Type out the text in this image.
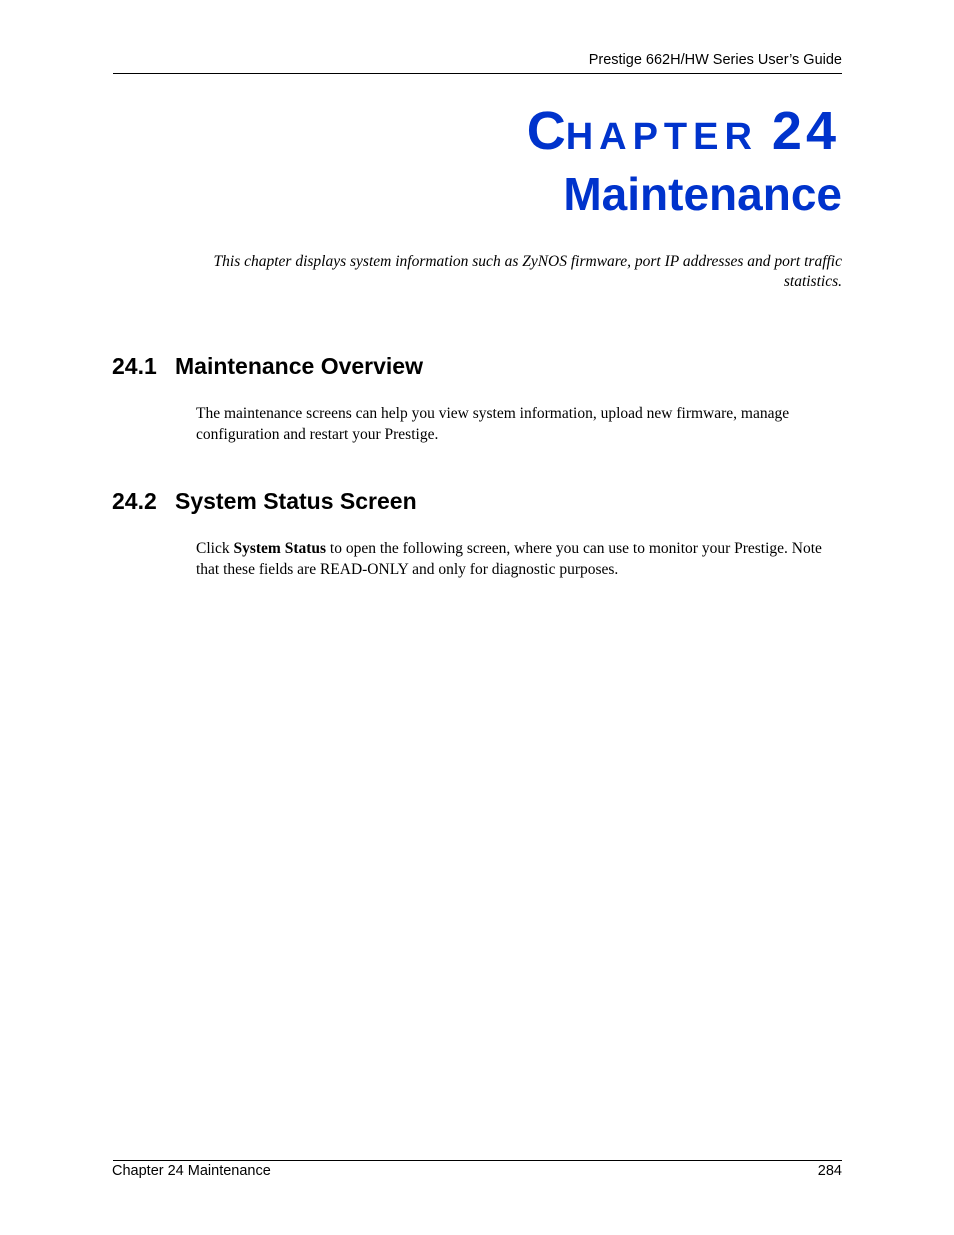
Prestige 662H/HW Series User’s Guide
CHAPTER 24
Maintenance
This chapter displays system information such as ZyNOS firmware, port IP addresses and port traffic statistics.
24.1 Maintenance Overview
The maintenance screens can help you view system information, upload new firmware, manage configuration and restart your Prestige.
24.2 System Status Screen
Click System Status to open the following screen, where you can use to monitor your Prestige. Note that these fields are READ-ONLY and only for diagnostic purposes.
Chapter 24 Maintenance	284
